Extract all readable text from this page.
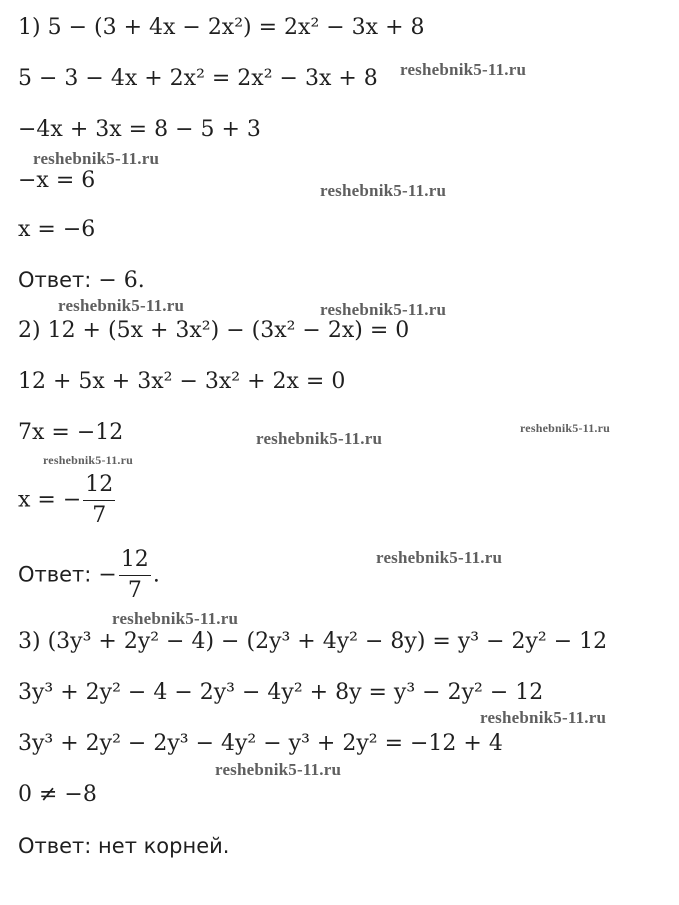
1) 5 − (3 + 4x − 2x²) = 2x² − 3x + 8
5 − 3 − 4x + 2x² = 2x² − 3x + 8
−4x + 3x = 8 − 5 + 3
−x = 6
x = −6
Ответ: − 6.
2) 12 + (5x + 3x²) − (3x² − 2x) = 0
12 + 5x + 3x² − 3x² + 2x = 0
7x = −12
x = − $\frac{12}{7}$
Ответ: − $\frac{12}{7}$ .
3) (3y³ + 2y² − 4) − (2y³ + 4y² − 8y) = y³ − 2y² − 12
3y³ + 2y² − 4 − 2y³ − 4y² + 8y = y³ − 2y² − 12
3y³ + 2y² − 2y³ − 4y² − y³ + 2y² = −12 + 4
0 ≠ −8
Ответ: нет корней.
reshebnik5-11.ru
reshebnik5-11.ru
reshebnik5-11.ru
reshebnik5-11.ru	reshebnik5-11.ru
reshebnik5-11.ru
reshebnik5-11.ru
reshebnik5-11.ru
reshebnik5-11.ru
reshebnik5-11.ru
reshebnik5-11.ru
reshebnik5-11.ru
